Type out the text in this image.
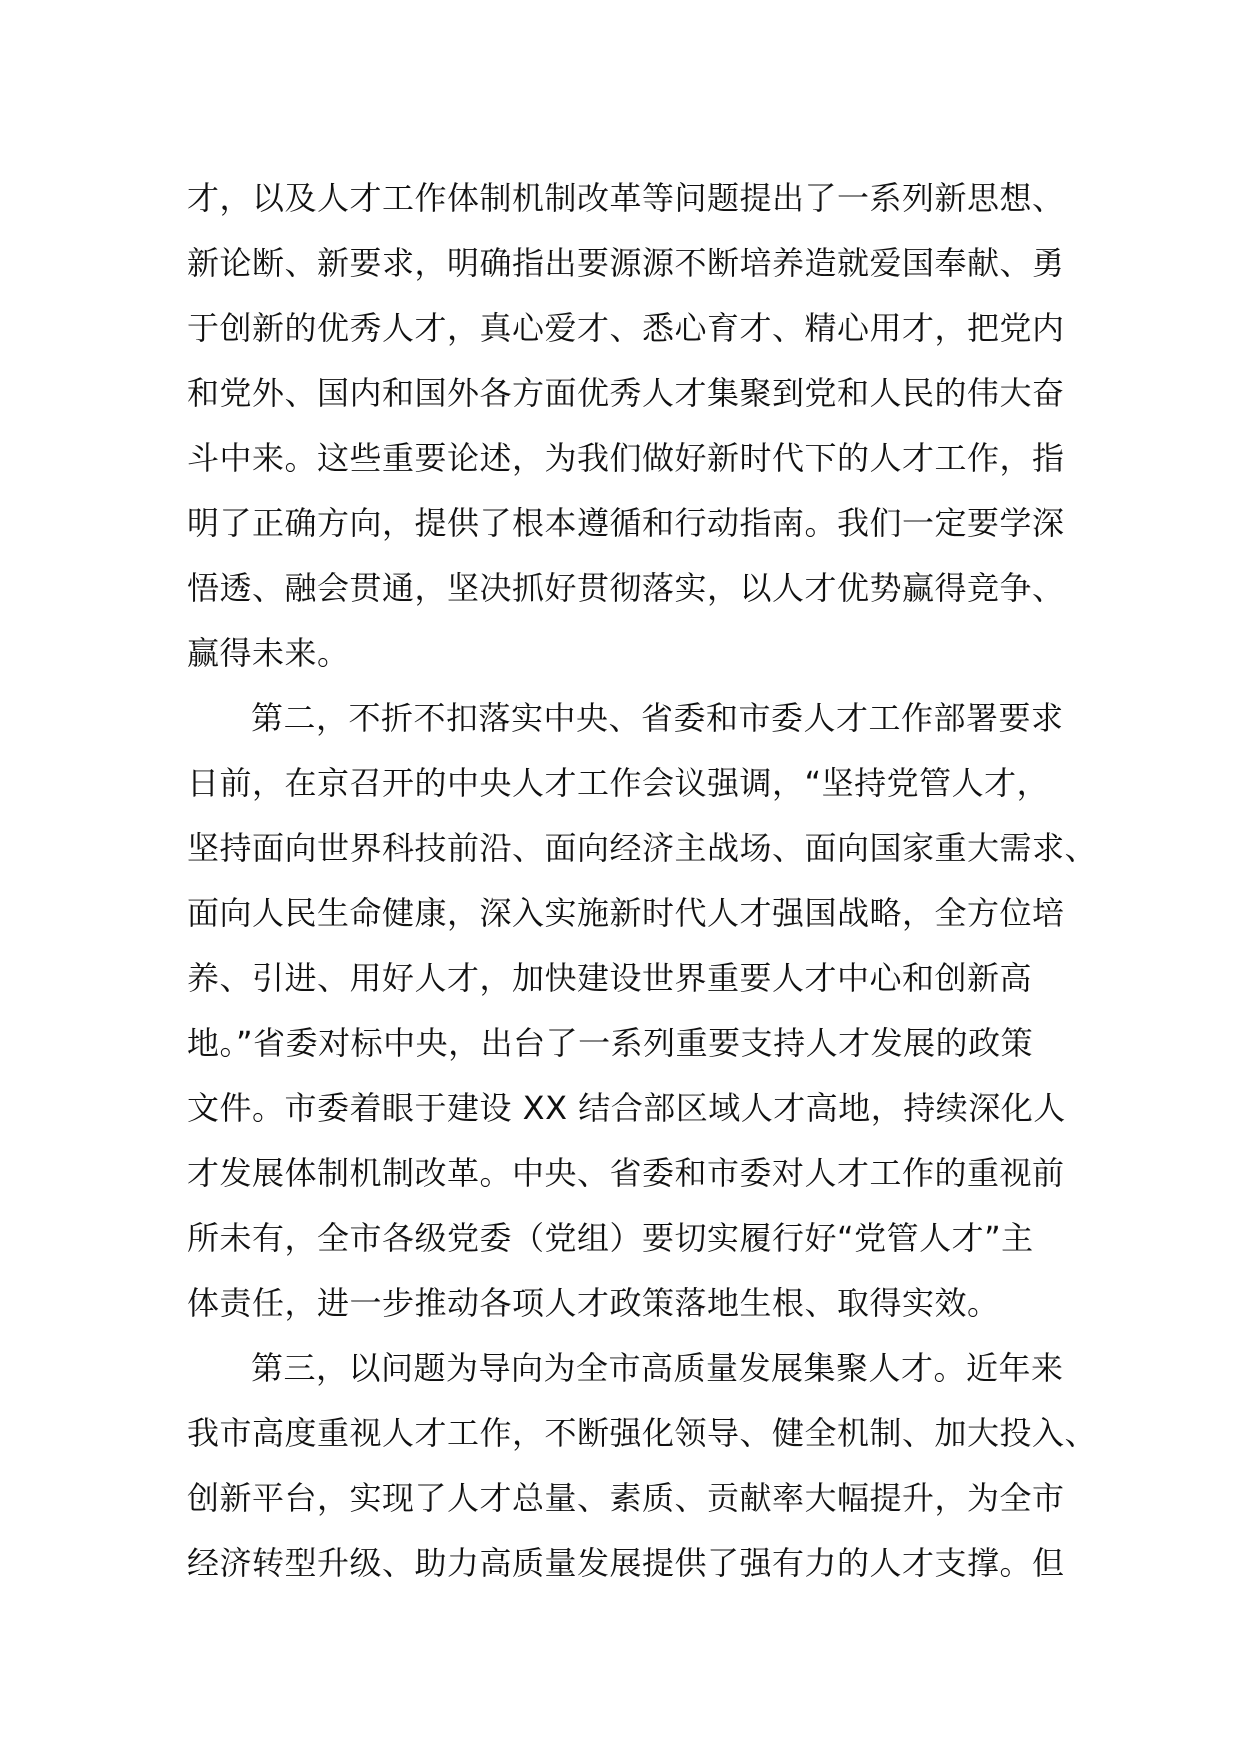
才，以及人才工作体制机制改革等问题提出了一系列新思想、
新论断、新要求，明确指出要源源不断培养造就爱国奉献、勇
于创新的优秀人才，真心爱才、悉心育才、精心用才，把党内
和党外、国内和国外各方面优秀人才集聚到党和人民的伟大奋
斗中来。这些重要论述，为我们做好新时代下的人才工作，指
明了正确方向，提供了根本遵循和行动指南。我们一定要学深
悟透、融会贯通，坚决抓好贯彻落实，以人才优势赢得竞争、
赢得未来。
第二，不折不扣落实中央、省委和市委人才工作部署要求
日前，在京召开的中央人才工作会议强调，“坚持党管人才，
坚持面向世界科技前沿、面向经济主战场、面向国家重大需求、
面向人民生命健康，深入实施新时代人才强国战略，全方位培
养、引进、用好人才，加快建设世界重要人才中心和创新高
地。”省委对标中央，出台了一系列重要支持人才发展的政策
文件。市委着眼于建设 XX 结合部区域人才高地，持续深化人
才发展体制机制改革。中央、省委和市委对人才工作的重视前
所未有，全市各级党委（党组）要切实履行好“党管人才”主
体责任，进一步推动各项人才政策落地生根、取得实效。
第三，以问题为导向为全市高质量发展集聚人才。近年来
我市高度重视人才工作，不断强化领导、健全机制、加大投入、
创新平台，实现了人才总量、素质、贡献率大幅提升，为全市
经济转型升级、助力高质量发展提供了强有力的人才支撑。但
